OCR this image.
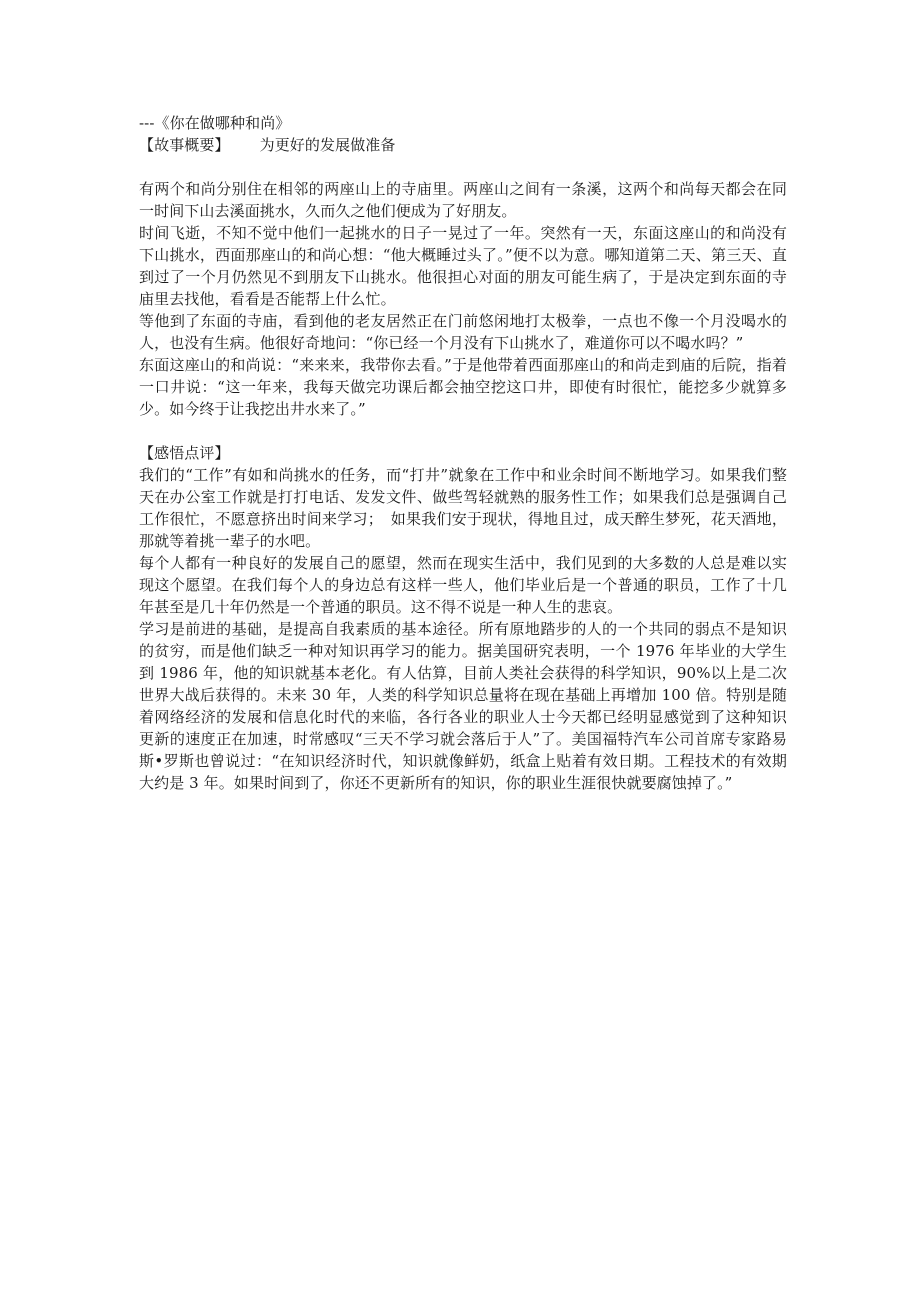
---《你在做哪种和尚》
【故事概要】 为更好的发展做准备

有两个和尚分别住在相邻的两座山上的寺庙里。两座山之间有一条溪，这两个和尚每天都会在同一时间下山去溪面挑水，久而久之他们便成为了好朋友。

时间飞逝，不知不觉中他们一起挑水的日子一晃过了一年。突然有一天，东面这座山的和尚没有下山挑水，西面那座山的和尚心想：“他大概睡过头了。”便不以为意。哪知道第二天、第三天、直到过了一个月仍然见不到朋友下山挑水。他很担心对面的朋友可能生病了，于是决定到东面的寺庙里去找他，看看是否能帮上什么忙。

等他到了东面的寺庙，看到他的老友居然正在门前悠闲地打太极拳，一点也不像一个月没喝水的人，也没有生病。他很好奇地问：“你已经一个月没有下山挑水了，难道你可以不喝水吗？”

东面这座山的和尚说：“来来来，我带你去看。”于是他带着西面那座山的和尚走到庙的后院，指着一口井说：“这一年来，我每天做完功课后都会抽空挖这口井，即使有时很忙，能挖多少就算多少。如今终于让我挖出井水来了。”

【感悟点评】

我们的“工作”有如和尚挑水的任务，而“打井”就象在工作中和业余时间不断地学习。如果我们整天在办公室工作就是打打电话、发发文件、做些驾轻就熟的服务性工作；如果我们总是强调自己工作很忙，不愿意挤出时间来学习；　如果我们安于现状，得地且过，成天醉生梦死，花天酒地，那就等着挑一辈子的水吧。

每个人都有一种良好的发展自己的愿望，然而在现实生活中，我们见到的大多数的人总是难以实现这个愿望。在我们每个人的身边总有这样一些人，他们毕业后是一个普通的职员，工作了十几年甚至是几十年仍然是一个普通的职员。这不得不说是一种人生的悲哀。

学习是前进的基础，是提高自我素质的基本途径。所有原地踏步的人的一个共同的弱点不是知识的贫穷，而是他们缺乏一种对知识再学习的能力。据美国研究表明，一个 1976 年毕业的大学生到 1986 年，他的知识就基本老化。有人估算，目前人类社会获得的科学知识，90%以上是二次世界大战后获得的。未来 30 年，人类的科学知识总量将在现在基础上再增加 100 倍。特别是随着网络经济的发展和信息化时代的来临，各行各业的职业人士今天都已经明显感觉到了这种知识更新的速度正在加速，时常感叹“三天不学习就会落后于人”了。美国福特汽车公司首席专家路易斯•罗斯也曾说过：“在知识经济时代，知识就像鲜奶，纸盒上贴着有效日期。工程技术的有效期大约是 3 年。如果时间到了，你还不更新所有的知识，你的职业生涯很快就要腐蚀掉了。”
